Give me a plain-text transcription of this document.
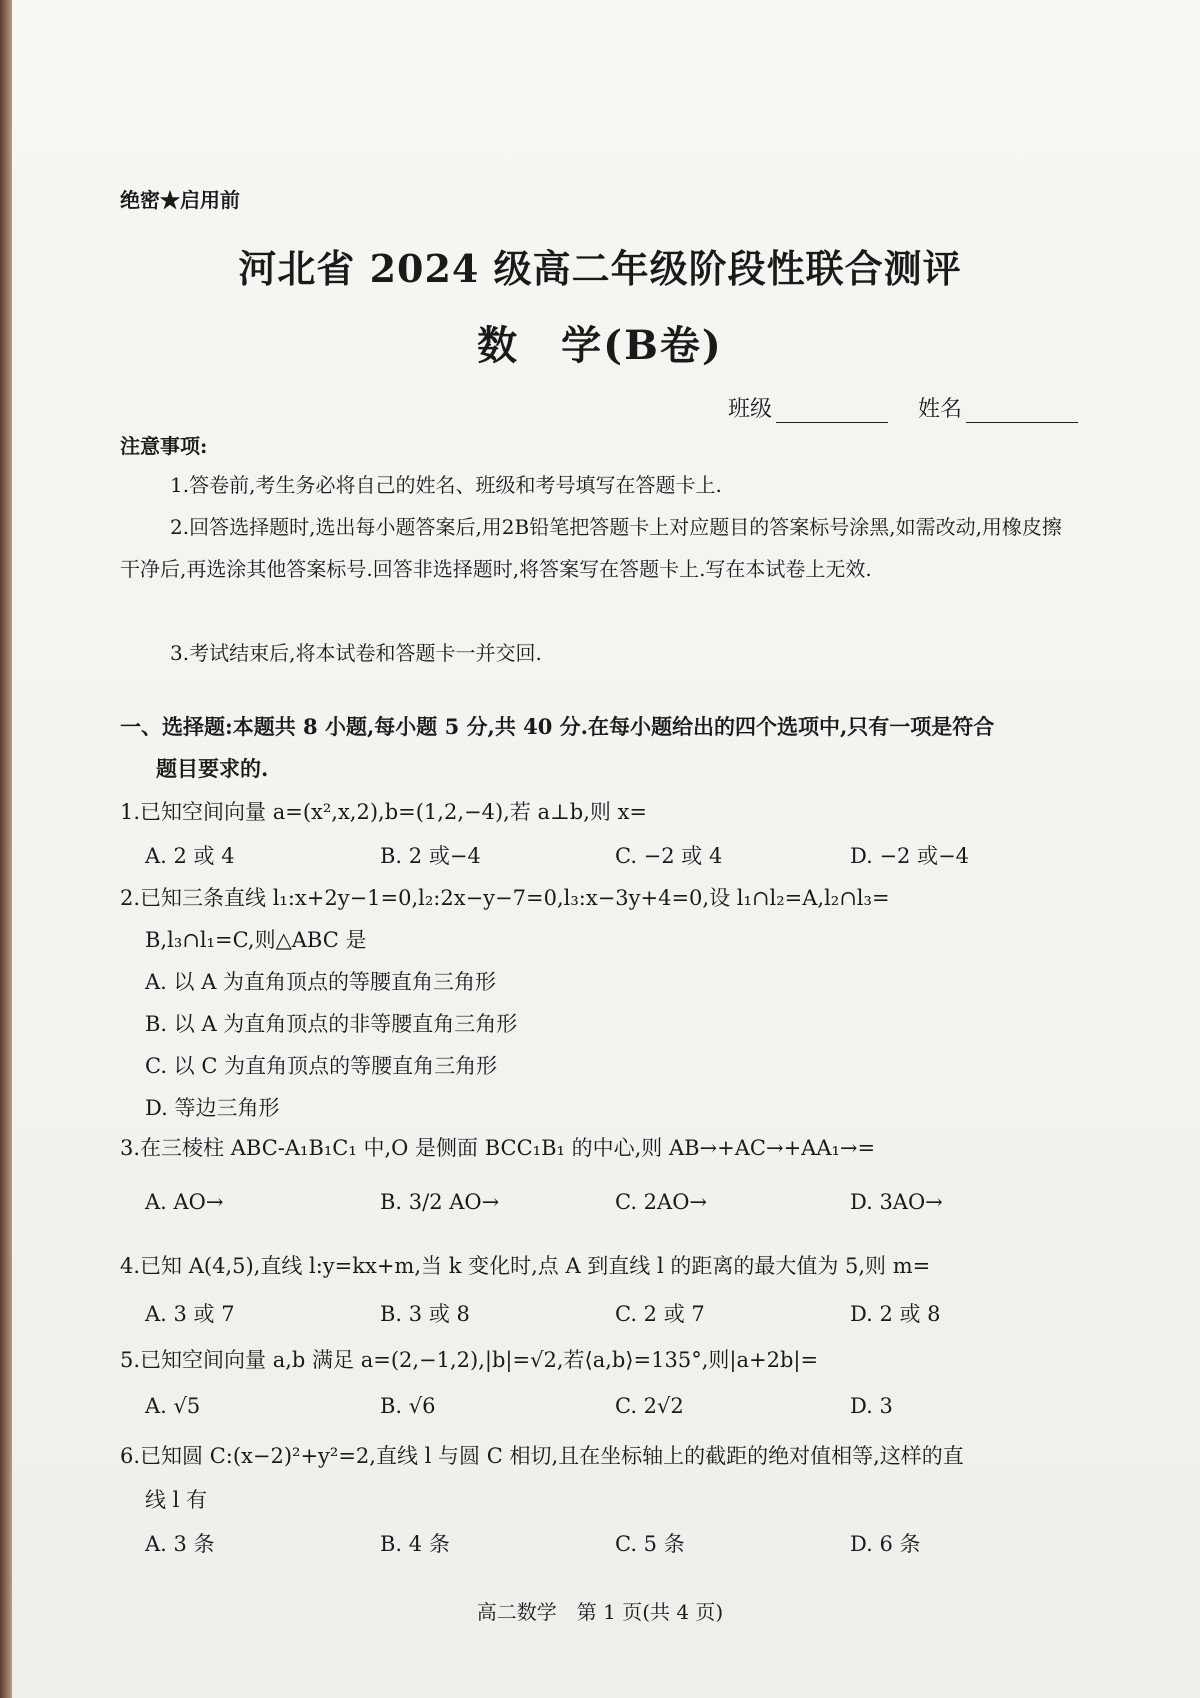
绝密★启用前
河北省 2024 级高二年级阶段性联合测评
数　学(B卷)
班级	姓名
注意事项:
1.答卷前,考生务必将自己的姓名、班级和考号填写在答题卡上.
2.回答选择题时,选出每小题答案后,用2B铅笔把答题卡上对应题目的答案标号涂黑,如需改动,用橡皮擦干净后,再选涂其他答案标号.回答非选择题时,将答案写在答题卡上.写在本试卷上无效.
3.考试结束后,将本试卷和答题卡一并交回.
一、选择题:本题共 8 小题,每小题 5 分,共 40 分.在每小题给出的四个选项中,只有一项是符合
题目要求的.
1.已知空间向量 a=(x²,x,2),b=(1,2,−4),若 a⊥b,则 x=
A. 2 或 4	B. 2 或−4	C. −2 或 4	D. −2 或−4
2.已知三条直线 l₁:x+2y−1=0,l₂:2x−y−7=0,l₃:x−3y+4=0,设 l₁∩l₂=A,l₂∩l₃=
B,l₃∩l₁=C,则△ABC 是
A. 以 A 为直角顶点的等腰直角三角形
B. 以 A 为直角顶点的非等腰直角三角形
C. 以 C 为直角顶点的等腰直角三角形
D. 等边三角形
3.在三棱柱 ABC-A₁B₁C₁ 中,O 是侧面 BCC₁B₁ 的中心,则 AB→+AC→+AA₁→=
A. AO→	B. 3/2 AO→	C. 2AO→	D. 3AO→
4.已知 A(4,5),直线 l:y=kx+m,当 k 变化时,点 A 到直线 l 的距离的最大值为 5,则 m=
A. 3 或 7	B. 3 或 8	C. 2 或 7	D. 2 或 8
5.已知空间向量 a,b 满足 a=(2,−1,2),|b|=√2,若⟨a,b⟩=135°,则|a+2b|=
A. √5	B. √6	C. 2√2	D. 3
6.已知圆 C:(x−2)²+y²=2,直线 l 与圆 C 相切,且在坐标轴上的截距的绝对值相等,这样的直
线 l 有
A. 3 条	B. 4 条	C. 5 条	D. 6 条
高二数学　第 1 页(共 4 页)
